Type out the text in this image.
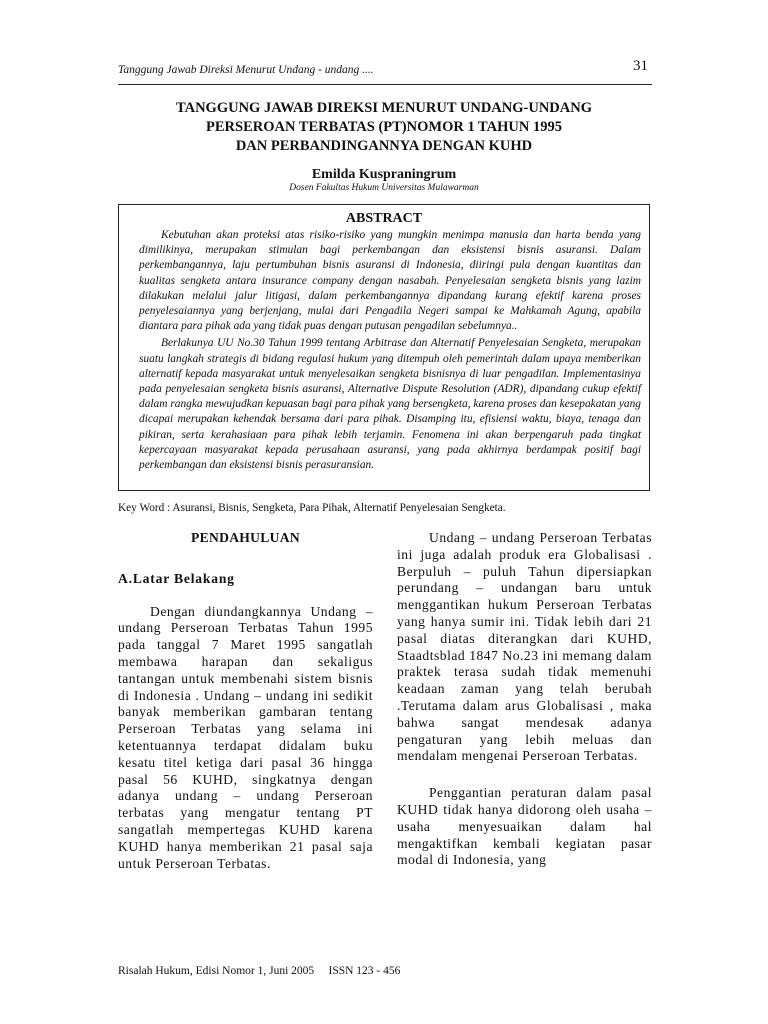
Tanggung Jawab Direksi Menurut Undang - undang ....	31
TANGGUNG JAWAB DIREKSI MENURUT UNDANG-UNDANG
PERSEROAN TERBATAS (PT)NOMOR 1 TAHUN 1995
DAN PERBANDINGANNYA DENGAN KUHD
Emilda Kuspraningrum
Dosen Fakultas Hukum Universitas Mulawarman
ABSTRACT

Kebutuhan akan proteksi atas risiko-risiko yang mungkin menimpa manusia dan harta benda yang dimilikinya, merupakan stimulan bagi perkembangan dan eksistensi bisnis asuransi. Dalam perkembangannya, laju pertumbuhan bisnis asuransi di Indonesia, diiringi pula dengan kuantitas dan kualitas sengketa antara insurance company dengan nasabah. Penyelesaian sengketa bisnis yang lazim dilakukan melalui jalur litigasi, dalam perkembangannya dipandang kurang efektif karena proses penyelesaiannya yang berjenjang, mulai dari Pengadila Negeri sampai ke Mahkamah Agung, apabila diantara para pihak ada yang tidak puas dengan putusan pengadilan sebelumnya..

Berlakunya UU No.30 Tahun 1999 tentang Arbitrase dan Alternatif Penyelesaian Sengketa, merupakan suatu langkah strategis di bidang regulasi hukum yang ditempuh oleh pemerintah dalam upaya memberikan alternatif kepada masyarakat untuk menyelesaikan sengketa bisnisnya di luar pengadilan. Implementasinya pada penyelesaian sengketa bisnis asuransi, Alternative Dispute Resolution (ADR), dipandang cukup efektif dalam rangka mewujudkan kepuasan bagi para pihak yang bersengketa, karena proses dan kesepakatan yang dicapai merupakan kehendak bersama dari para pihak. Disamping itu, efisiensi waktu, biaya, tenaga dan pikiran, serta kerahasiaan para pihak lebih terjamin. Fenomena ini akan berpengaruh pada tingkat kepercayaan masyarakat kepada perusahaan asuransi, yang pada akhirnya berdampak positif bagi perkembangan dan eksistensi bisnis perasuransian.

Key Word : Asuransi, Bisnis, Sengketa, Para Pihak, Alternatif Penyelesaian Sengketa.

PENDAHULUAN

A.Latar Belakang

Dengan diundangkannya Undang – undang Perseroan Terbatas Tahun 1995 pada tanggal 7 Maret 1995 sangatlah membawa harapan dan sekaligus tantangan untuk membenahi sistem bisnis di Indonesia . Undang – undang ini sedikit banyak memberikan gambaran tentang Perseroan Terbatas yang selama ini ketentuannya terdapat didalam buku kesatu titel ketiga dari pasal 36 hingga pasal 56 KUHD, singkatnya dengan adanya undang – undang Perseroan terbatas yang mengatur tentang PT sangatlah mempertegas KUHD karena KUHD hanya memberikan 21 pasal saja untuk Perseroan Terbatas.

Undang – undang Perseroan Terbatas ini juga adalah produk era Globalisasi . Berpuluh – puluh Tahun dipersiapkan perundang – undangan baru untuk menggantikan hukum Perseroan Terbatas yang hanya sumir ini. Tidak lebih dari 21 pasal diatas diterangkan dari KUHD, Staadtsblad 1847 No.23 ini memang dalam praktek terasa sudah tidak memenuhi keadaan zaman yang telah berubah .Terutama dalam arus Globalisasi , maka bahwa sangat mendesak adanya pengaturan yang lebih meluas dan mendalam mengenai Perseroan Terbatas.

Penggantian peraturan dalam pasal KUHD tidak hanya didorong oleh usaha – usaha menyesuaikan dalam hal mengaktifkan kembali kegiatan pasar modal di Indonesia, yang

Risalah Hukum, Edisi Nomor 1, Juni 2005     ISSN 123 - 456
